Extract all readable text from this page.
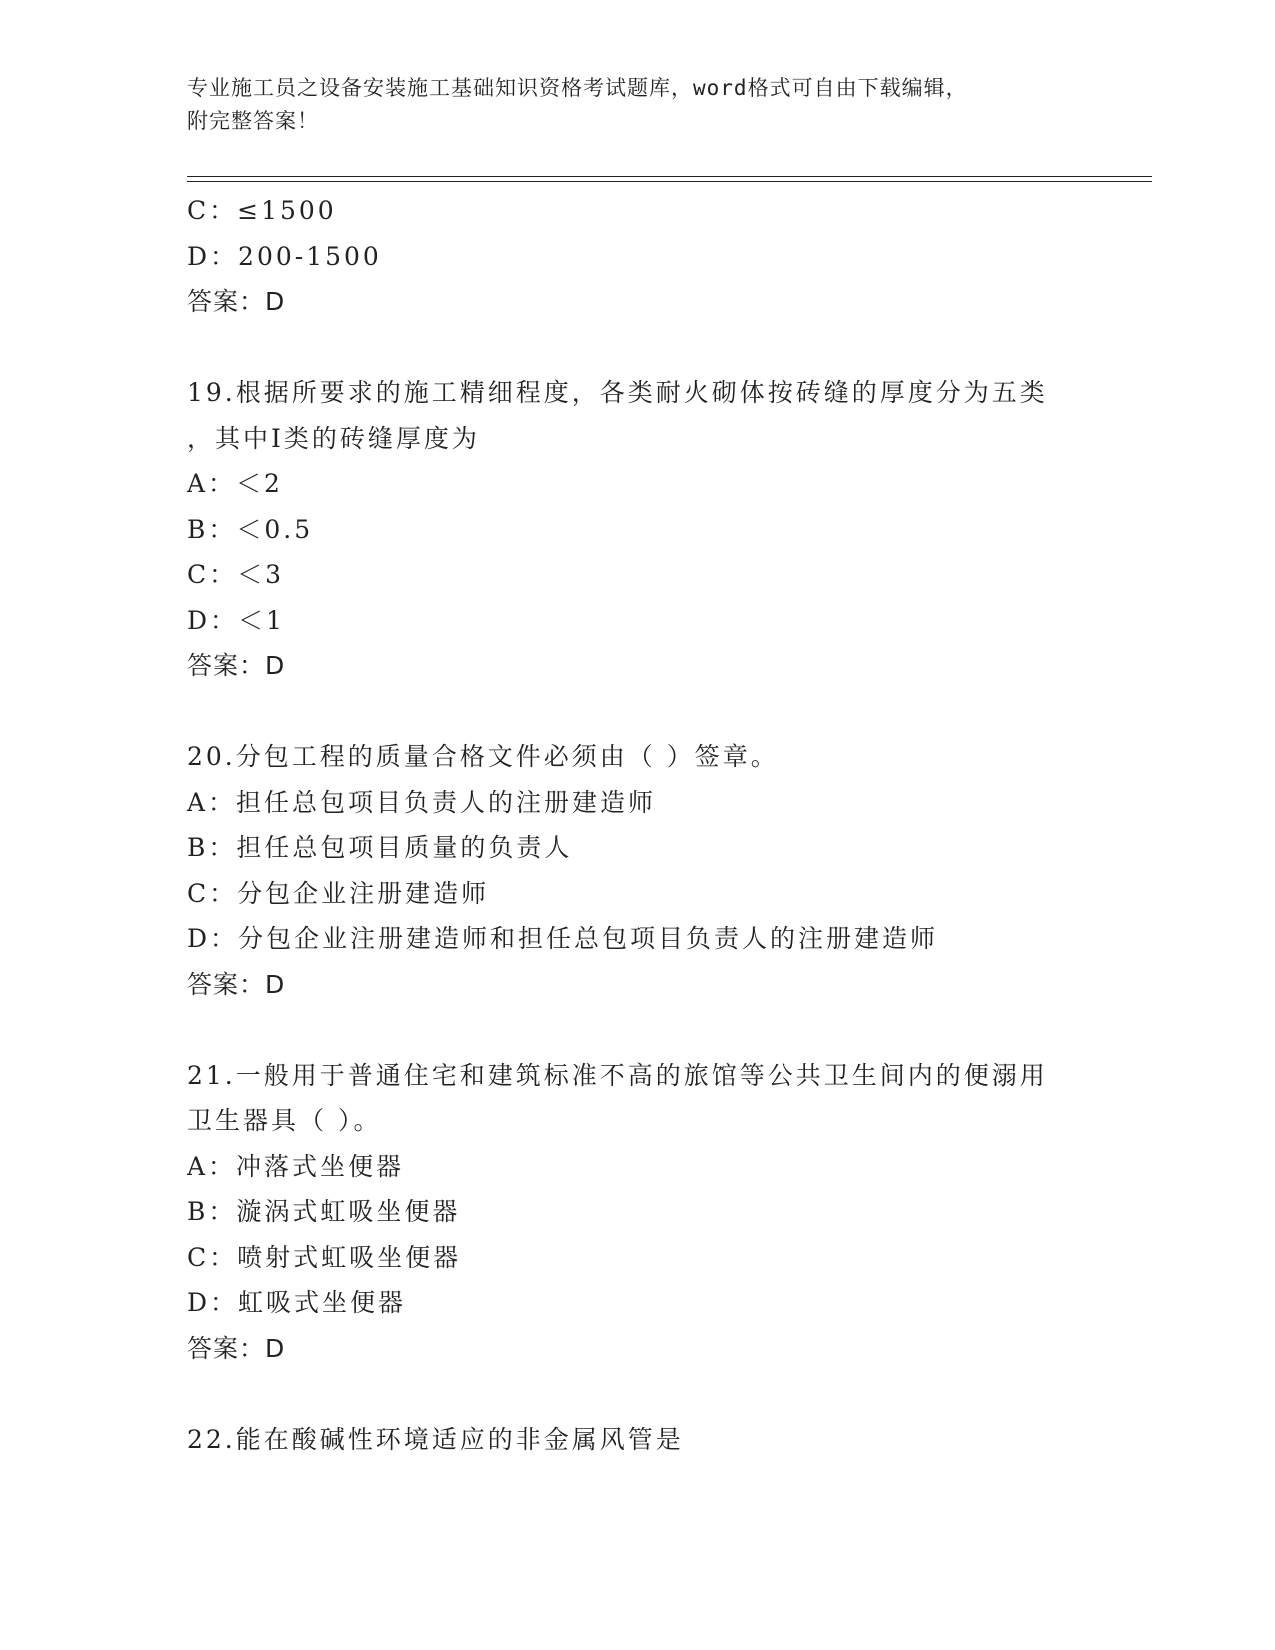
专业施工员之设备安装施工基础知识资格考试题库，word格式可自由下载编辑，
附完整答案！
C：≤1500
D：200-1500
答案：D
19.根据所要求的施工精细程度，各类耐火砌体按砖缝的厚度分为五类
，其中Ⅰ类的砖缝厚度为
A：＜2
B：＜0.5
C：＜3
D：＜1
答案：D
20.分包工程的质量合格文件必须由（ ）签章。
A：担任总包项目负责人的注册建造师
B：担任总包项目质量的负责人
C：分包企业注册建造师
D：分包企业注册建造师和担任总包项目负责人的注册建造师
答案：D
21.一般用于普通住宅和建筑标准不高的旅馆等公共卫生间内的便溺用
卫生器具（ ）。
A：冲落式坐便器
B：漩涡式虹吸坐便器
C：喷射式虹吸坐便器
D：虹吸式坐便器
答案：D
22.能在酸碱性环境适应的非金属风管是
